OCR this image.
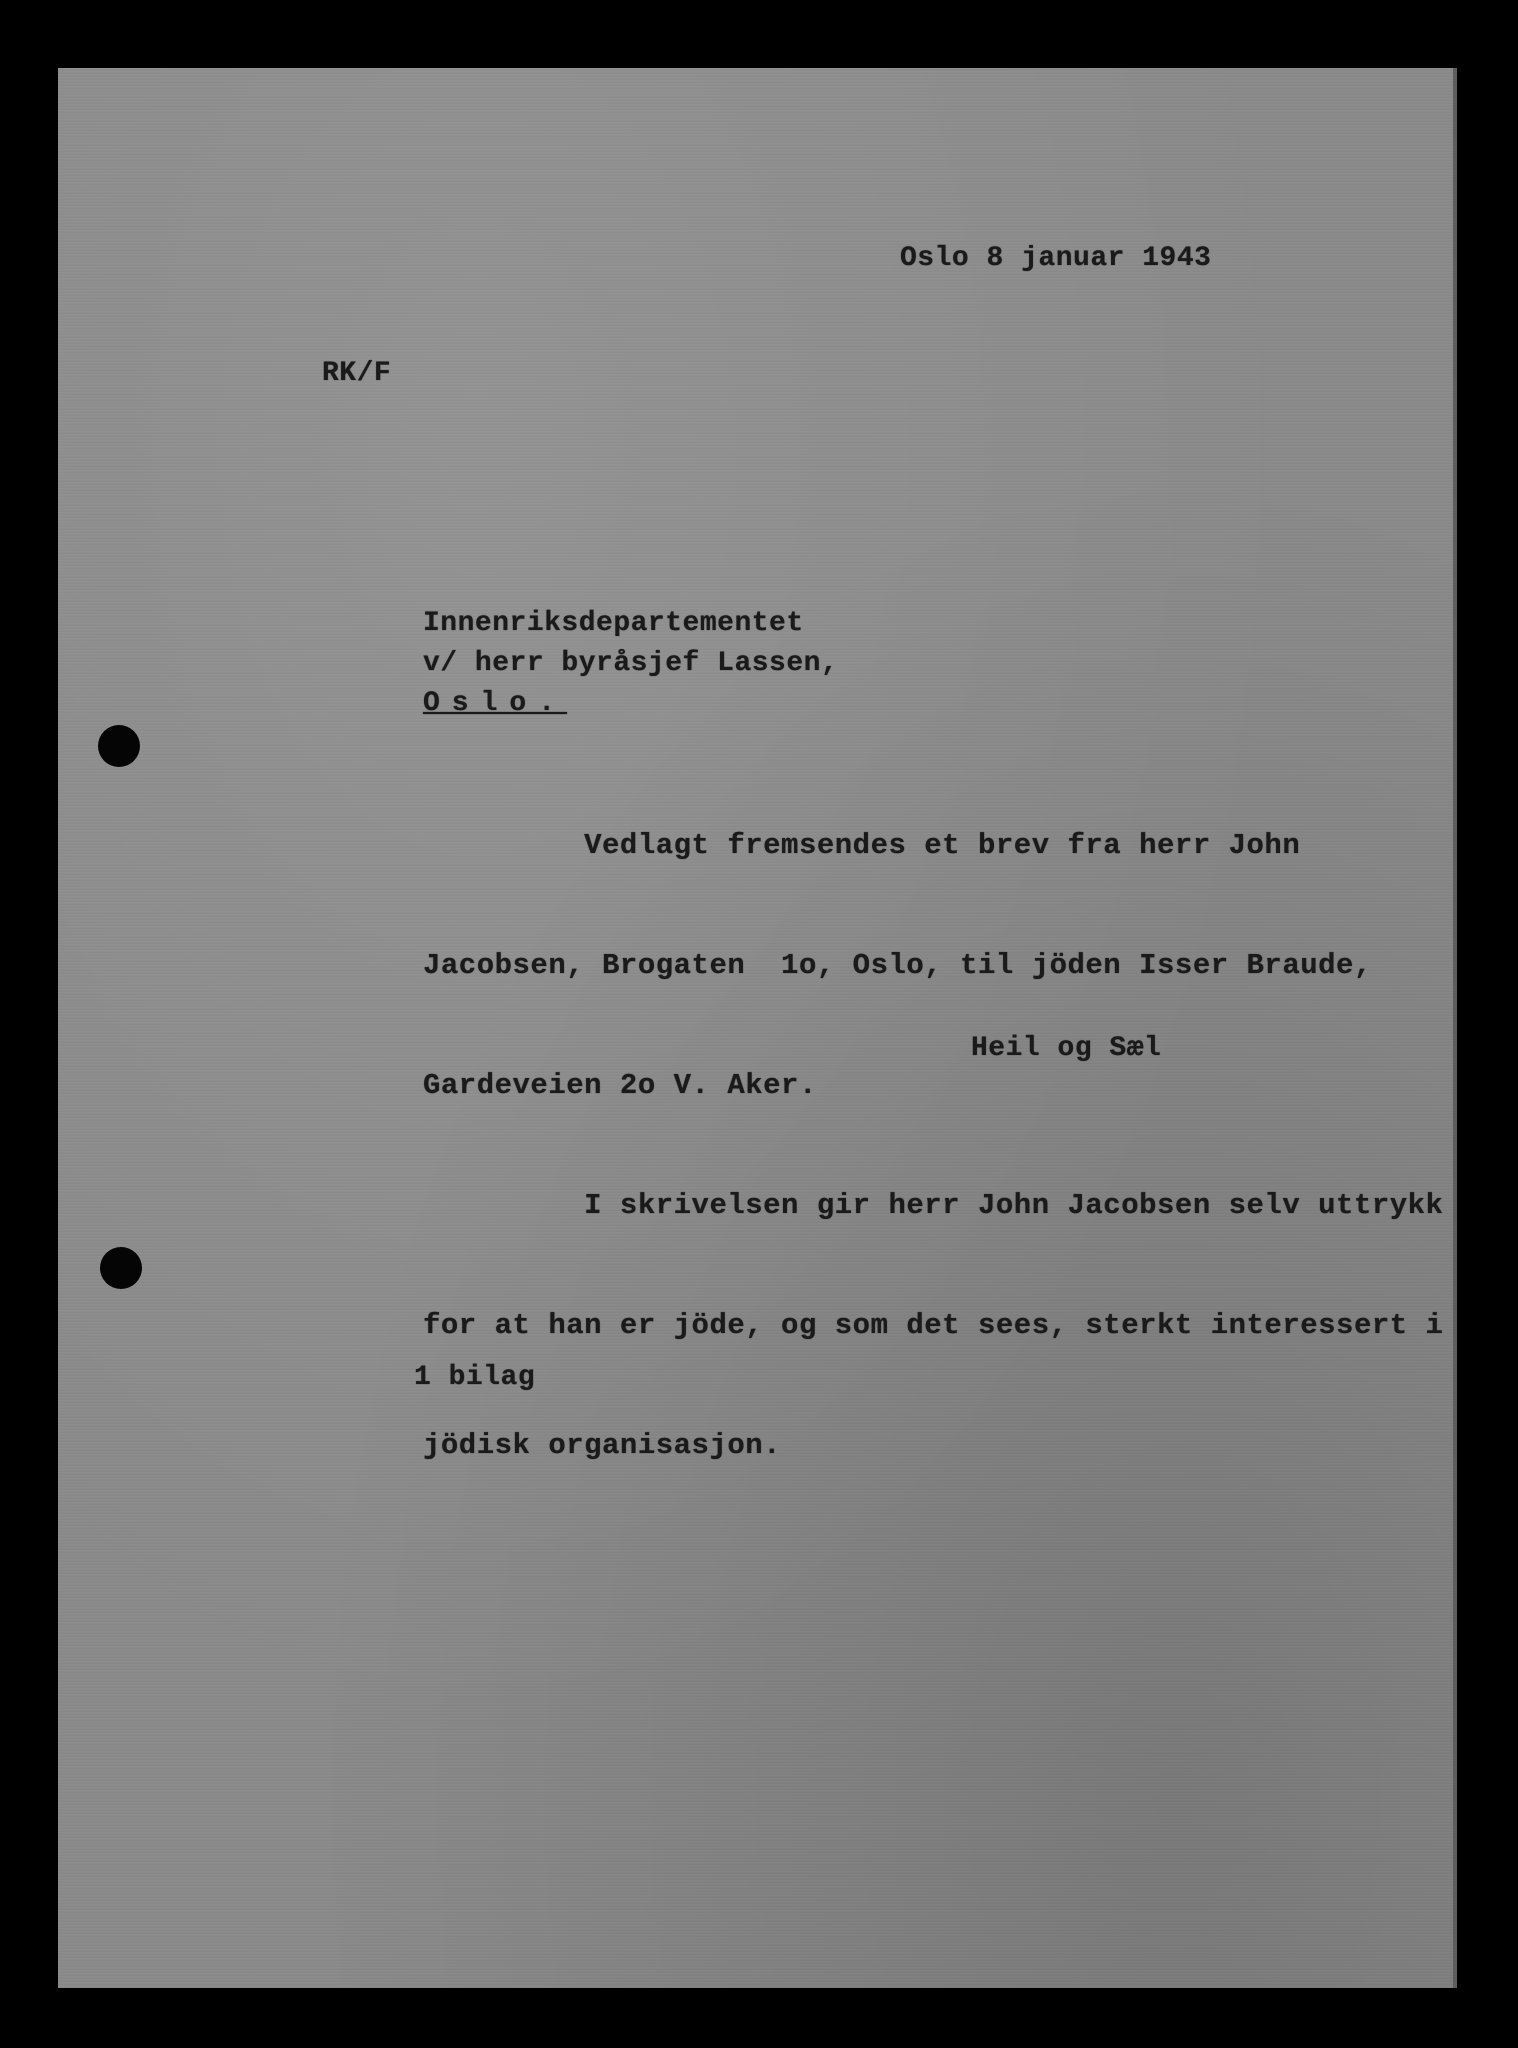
Oslo 8 januar 1943
RK/F
Innenriksdepartementet
v/ herr byråsjef Lassen,
Oslo.

Vedlagt fremsendes et brev fra herr John

Jacobsen, Brogaten  1o, Oslo, til jöden Isser Braude,

Gardeveien 2o V. Aker.

I skrivelsen gir herr John Jacobsen selv uttrykk

for at han er jöde, og som det sees, sterkt interessert i

jödisk organisasjon.

Heil og Sæl
1 bilag
